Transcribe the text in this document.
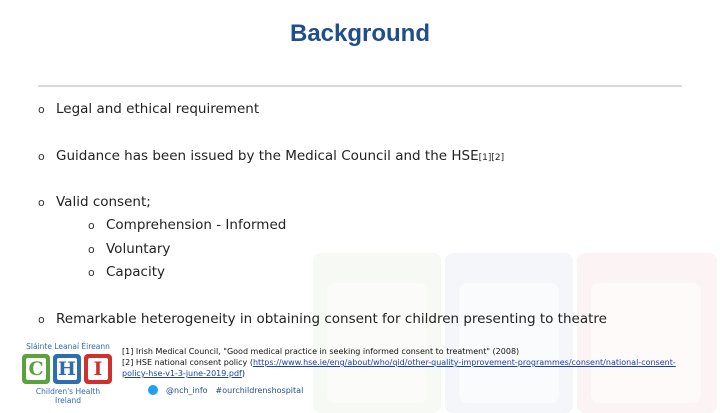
Background
o Legal and ethical requirement
o Guidance has been issued by the Medical Council and the HSE [1][2]
o Valid consent;
o Comprehension - Informed
o Voluntary
o Capacity
o Remarkable heterogeneity in obtaining consent for children presenting to theatre
[1] Irish Medical Council, "Good medical practice in seeking informed consent to treatment" (2008)
[2] HSE national consent policy (https://www.hse.ie/eng/about/who/qid/other-quality-improvement-programmes/consent/national-consent-policy-hse-v1-3-june-2019.pdf)
Sláinte Leanaí Éireann
C H I
Children's Health Ireland
@nch_info #ourchildrenshospital
